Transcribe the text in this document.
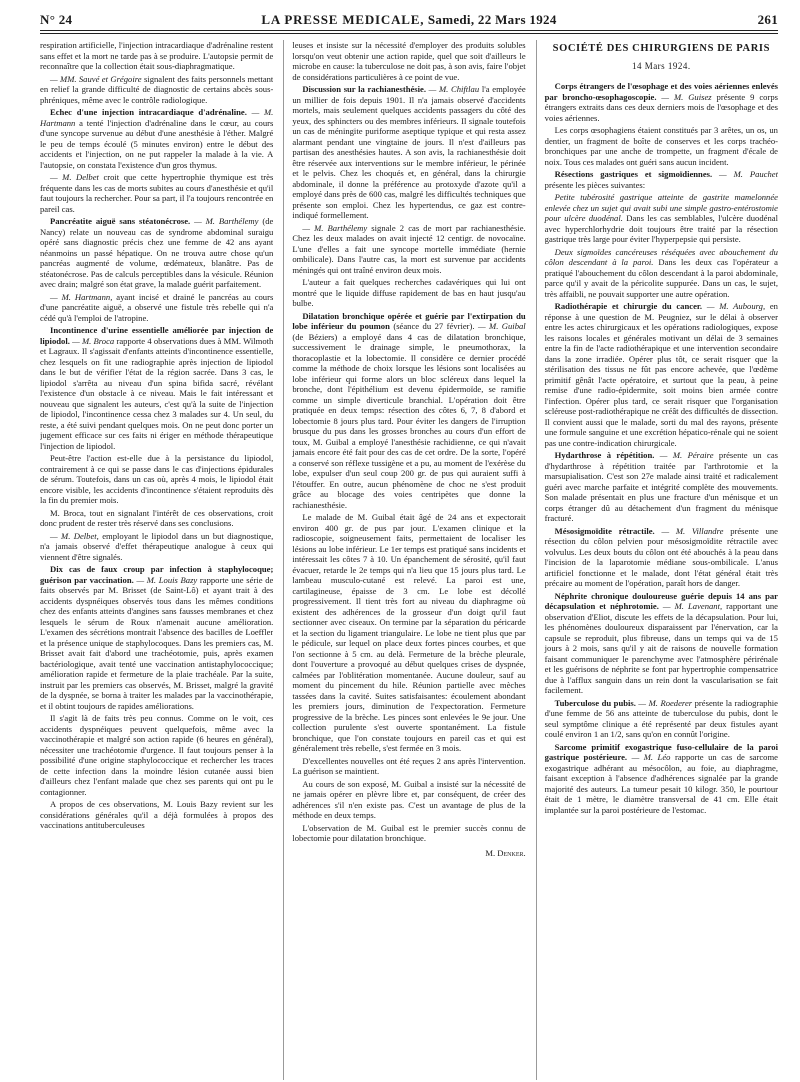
N° 24	LA PRESSE MEDICALE, Samedi, 22 Mars 1924	261

respiration artificielle, l'injection intracardiaque d'adrénaline restent sans effet et la mort ne tarde pas à se produire. L'autopsie permit de reconnaître que la collection était sous-diaphragmatique.

— MM. Sauvé et Grégoire signalent des faits personnels mettant en relief la grande difficulté de diagnostic de certains abcès sous-phréniques, même avec le contrôle radiologique.

Echec d'une injection intracardiaque d'adrénaline. — M. Hartmann a tenté l'injection d'adrénaline dans le cœur, au cours d'une syncope survenue au début d'une anesthésie à l'éther. Malgré le peu de temps écoulé (5 minutes environ) entre le début des accidents et l'injection, on ne put rappeler la malade à la vie. A l'autopsie, on constata l'existence d'un gros thymus.

— M. Delbet croit que cette hypertrophie thymique est très fréquente dans les cas de morts subites au cours d'anesthésie et qu'il faut toujours la rechercher. Pour sa part, il l'a toujours rencontrée en pareil cas.

Pancréatite aiguë sans stéatonécrose. — M. Barthélemy (de Nancy) relate un nouveau cas de syndrome abdominal suraigu opéré sans diagnostic précis chez une femme de 42 ans ayant néanmoins un passé hépatique. On ne trouva autre chose qu'un pancréas augmenté de volume, œdémateux, blanâtre. Pas de stéatonécrose. Pas de calculs perceptibles dans la vésicule. Réunion avec drain; malgré son état grave, la malade guérit parfaitement.

— M. Hartmann, ayant incisé et drainé le pancréas au cours d'une pancréatite aiguë, a observé une fistule très rebelle qui n'a cédé qu'à l'emploi de l'atropine.

Incontinence d'urine essentielle améliorée par injection de lipiodol. — M. Broca rapporte 4 observations dues à MM. Wilmoth et Lagraux. Il s'agissait d'enfants atteints d'incontinence essentielle, chez lesquels on fit une radiographie après injection de lipiodol dans le but de vérifier l'état de la région sacrée. Dans 3 cas, le lipiodol s'arrêta au niveau d'un spina bifida sacré, révélant l'existence d'un obstacle à ce niveau. Mais le fait intéressant et nouveau que signalent les auteurs, c'est qu'à la suite de l'injection de lipiodol, l'incontinence cessa chez 3 malades sur 4. Un seul, du reste, a été suivi pendant quelques mois. On ne peut donc porter un jugement efficace sur ces faits ni ériger en méthode thérapeutique l'injection de lipiodol.

Peut-être l'action est-elle due à la persistance du lipiodol, contrairement à ce qui se passe dans le cas d'injections épidurales de sérum. Toutefois, dans un cas où, après 4 mois, le lipiodol était encore visible, les accidents d'incontinence s'étaient reproduits dès la fin du premier mois.

M. Broca, tout en signalant l'intérêt de ces observations, croit donc prudent de rester très réservé dans ses conclusions.

— M. Delbet, employant le lipiodol dans un but diagnostique, n'a jamais observé d'effet thérapeutique analogue à ceux qui viennent d'être signalés.

Dix cas de faux croup par infection à staphylocoque; guérison par vaccination. — M. Louis Bazy rapporte une série de faits observés par M. Brisset (de Saint-Lô) et ayant trait à des accidents dyspnéiques observés tous dans les mêmes conditions chez des enfants atteints d'angines sans fausses membranes et chez lesquels le sérum de Roux n'amenait aucune amélioration. L'examen des sécrétions montrait l'absence des bacilles de Loeffler et la présence unique de staphylocoques. Dans les premiers cas, M. Brisset avait fait d'abord une trachéotomie, puis, après examen bactériologique, avait tenté une vaccination antistaphylococcique; amélioration rapide et fermeture de la plaie trachéale. Par la suite, instruit par les premiers cas observés, M. Brisset, malgré la gravité de la dyspnée, se borna à traiter les malades par la vaccinothérapie, et il obtint toujours de rapides améliorations.

Il s'agit là de faits très peu connus. Comme on le voit, ces accidents dyspnéiques peuvent quelquefois, même avec la vaccinothérapie et malgré son action rapide (6 heures en général), nécessiter une trachéotomie d'urgence. Il faut toujours penser à la possibilité d'une origine staphylococcique et rechercher les traces de cette infection dans la moindre lésion cutanée aussi bien d'ailleurs chez l'enfant malade que chez ses parents qui ont pu le contagionner.

A propos de ces observations, M. Louis Bazy revient sur les considérations générales qu'il a déjà formulées à propos des vaccinations antituberculeuses

leuses et insiste sur la nécessité d'employer des produits solubles lorsqu'on veut obtenir une action rapide, quel que soit d'ailleurs le microbe en cause: la tuberculose ne doit pas, à son avis, faire l'objet de considérations particulières à ce point de vue.

Discussion sur la rachianesthésie. — M. Chiftlau l'a employée un millier de fois depuis 1901. Il n'a jamais observé d'accidents mortels, mais seulement quelques accidents passagers du côté des yeux, des sphincters ou des membres inférieurs. Il signale toutefois un cas de méningite puriforme aseptique typique et qui resta assez alarmant pendant une vingtaine de jours. Il n'est d'ailleurs pas partisan des anesthésies hautes. A son avis, la rachianesthésie doit être réservée aux interventions sur le membre inférieur, le périnée et le pelvis. Chez les choqués et, en général, dans la chirurgie abdominale, il donne la préférence au protoxyde d'azote qu'il a employé dans près de 600 cas, malgré les difficultés techniques que présente son emploi. Chez les hypertendus, ce gaz est contre-indiqué formellement.

— M. Barthélemy signale 2 cas de mort par rachianesthésie. Chez les deux malades on avait injecté 12 centigr. de novocaïne. L'une d'elles a fait une syncope mortelle immédiate (hernie ombilicale). Dans l'autre cas, la mort est survenue par accidents méningés qui ont traîné environ deux mois.

L'auteur a fait quelques recherches cadavériques qui lui ont montré que le liquide diffuse rapidement de bas en haut jusqu'au bulbe.

Dilatation bronchique opérée et guérie par l'extirpation du lobe inférieur du poumon (séance du 27 février). — M. Guibal (de Béziers) a employé dans 4 cas de dilatation bronchique, successivement le drainage simple, le pneumothorax, la thoracoplastie et la lobectomie. Il considère ce dernier procédé comme la méthode de choix lorsque les lésions sont localisées au lobe inférieur qui forme alors un bloc scléreux dans lequel la bronche, dont l'épithélium est devenu épidermoïde, se ramifie comme un simple diverticule branchial. L'opération doit être pratiquée en deux temps: résection des côtes 6, 7, 8 d'abord et lobectomie 8 jours plus tard. Pour éviter les dangers de l'irruption brusque du pus dans les grosses bronches au cours d'un effort de toux, M. Guibal a employé l'anesthésie rachidienne, ce qui n'avait jamais encore été fait pour des cas de cet ordre. De la sorte, l'opéré a conservé son réflexe tussigène et a pu, au moment de l'exérèse du lobe, expulser d'un seul coup 200 gr. de pus qui auraient suffi à l'étouffer. En outre, aucun phénomène de choc ne s'est produit grâce au blocage des voies centripètes que donne la rachianesthésie.

Le malade de M. Guibal était âgé de 24 ans et expectorait environ 400 gr. de pus par jour. L'examen clinique et la radioscopie, soigneusement faits, permettaient de localiser les lésions au lobe inférieur. Le 1er temps est pratiqué sans incidents et intéressait les côtes 7 à 10. Un épanchement de sérosité, qu'il faut évacuer, retarde le 2e temps qui n'a lieu que 15 jours plus tard. Le lambeau musculo-cutané est relevé. La paroi est une, cartilagineuse, épaisse de 3 cm. Le lobe est décollé progressivement. Il tient très fort au niveau du diaphragme où existent des adhérences de la grosseur d'un doigt qu'il faut sectionner avec ciseaux. On termine par la séparation du péricarde et la section du ligament triangulaire. Le lobe ne tient plus que par le pédicule, sur lequel on place deux fortes pinces courbes, et que l'on sectionne à 5 cm. au delà. Fermeture de la brèche pleurale, dont l'ouverture a provoqué au début quelques crises de dyspnée, calmées par l'oblitération momentanée. Aucune douleur, sauf au moment du pincement du hile. Réunion partielle avec mèches tassées dans la cavité. Suites satisfaisantes: écoulement abondant les premiers jours, diminution de l'expectoration. Fermeture progressive de la brèche. Les pinces sont enlevées le 9e jour. Une collection purulente s'est ouverte spontanément. La fistule bronchique, que l'on constate toujours en pareil cas et qui est généralement très rebelle, s'est fermée en 3 mois.

D'excellentes nouvelles ont été reçues 2 ans après l'intervention. La guérison se maintient.

Au cours de son exposé, M. Guibal a insisté sur la nécessité de ne jamais opérer en plèvre libre et, par conséquent, de créer des adhérences s'il n'en existe pas. C'est un avantage de plus de la méthode en deux temps.

L'observation de M. Guibal est le premier succès connu de lobectomie pour dilatation bronchique.

M. Denker.
SOCIÉTÉ DES CHIRURGIENS DE PARIS
14 Mars 1924.

Corps étrangers de l'œsophage et des voies aériennes enlevés par broncho-œsophagoscopie. — M. Guisez présente 9 corps étrangers extraits dans ces deux derniers mois de l'œsophage et des voies aériennes.

Les corps œsophagiens étaient constitués par 3 arêtes, un os, un dentier, un fragment de boîte de conserves et les corps trachéo-bronchiques par une anche de trompette, un fragment d'écale de noix. Tous ces malades ont guéri sans aucun incident.

Résections gastriques et sigmoïdiennes. — M. Pauchet présente les pièces suivantes:

Petite tubérosité gastrique atteinte de gastrite mamelonnée enlevée chez un sujet qui avait subi une simple gastro-entérostomie pour ulcère duodénal. Dans les cas semblables, l'ulcère duodénal avec hyperchlorhydrie doit toujours être traité par la résection gastrique très large pour éviter l'hyperpepsie qui persiste.

Deux sigmoïdes cancéreuses réséquées avec abouchement du côlon descendant à la paroi. Dans les deux cas l'opérateur a pratiqué l'abouchement du côlon descendant à la paroi abdominale, parce qu'il y avait de la péricolite suppurée. Dans un cas, le sujet, très affaibli, ne pouvait supporter une autre opération.

Radiothérapie et chirurgie du cancer. — M. Aubourg, en réponse à une question de M. Peugniez, sur le délai à observer entre les actes chirurgicaux et les opérations radiologiques, expose les raisons locales et générales motivant un délai de 3 semaines entre la fin de l'acte radiothérapique et une intervention secondaire dans la zone irradiée. Opérer plus tôt, ce serait risquer que la stérilisation des tissus ne fût pas encore achevée, que l'œdème primitif gênât l'acte opératoire, et surtout que la peau, à peine remise d'une radio-épidermite, soit moins bien armée contre l'infection. Opérer plus tard, ce serait risquer que l'organisation scléreuse post-radiothérapique ne créât des difficultés de dissection. Il convient aussi que le malade, sorti du mal des rayons, présente une formule sanguine et une excrétion hépatico-rénale qui ne soient pas une contre-indication chirurgicale.

Hydarthrose à répétition. — M. Péraire présente un cas d'hydarthrose à répétition traitée par l'arthrotomie et la marsupialisation. C'est son 27e malade ainsi traité et radicalement guéri avec marche parfaite et intégrité complète des mouvements. Son malade présentait en plus une fracture d'un ménisque et un corps étranger dû au détachement d'un fragment du ménisque fracturé.

Mésosigmoïdite rétractile. — M. Villandre présente une résection du côlon pelvien pour mésosigmoïdite rétractile avec volvulus. Les deux bouts du côlon ont été abouchés à la peau dans l'incision de la laparotomie médiane sous-ombilicale. L'anus artificiel fonctionne et le malade, dont l'état général était très précaire au moment de l'opération, paraît hors de danger.

Néphrite chronique douloureuse guérie depuis 14 ans par décapsulation et néphrotomie. — M. Lavenant, rapportant une observation d'Eliot, discute les effets de la décapsulation. Pour lui, les phénomènes douloureux disparaissent par l'énervation, car la capsule se reproduit, plus fibreuse, dans un temps qui va de 15 jours à 2 mois, sans qu'il y ait de raisons de nouvelle formation faisant communiquer le parenchyme avec l'atmosphère périrénale et les guérisons de néphrite se font par hypertrophie compensatrice due à l'afflux sanguin dans un rein dont la vascularisation se fait facilement.

Tuberculose du pubis. — M. Roederer présente la radiographie d'une femme de 56 ans atteinte de tuberculose du pubis, dont le seul symptôme clinique a été représenté par deux fistules ayant coulé environ 1 an 1/2, sans qu'on en connût l'origine.

Sarcome primitif exogastrique fuso-cellulaire de la paroi gastrique postérieure. — M. Léo rapporte un cas de sarcome exogastrique adhérant au mésocôlon, au foie, au diaphragme, faisant exception à l'absence d'adhérences signalée par la grande majorité des auteurs. La tumeur pesait 10 kilogr. 350, le pourtour était de 1 mètre, le diamètre transversal de 41 cm. Elle était implantée sur la paroi postérieure de l'estomac.
